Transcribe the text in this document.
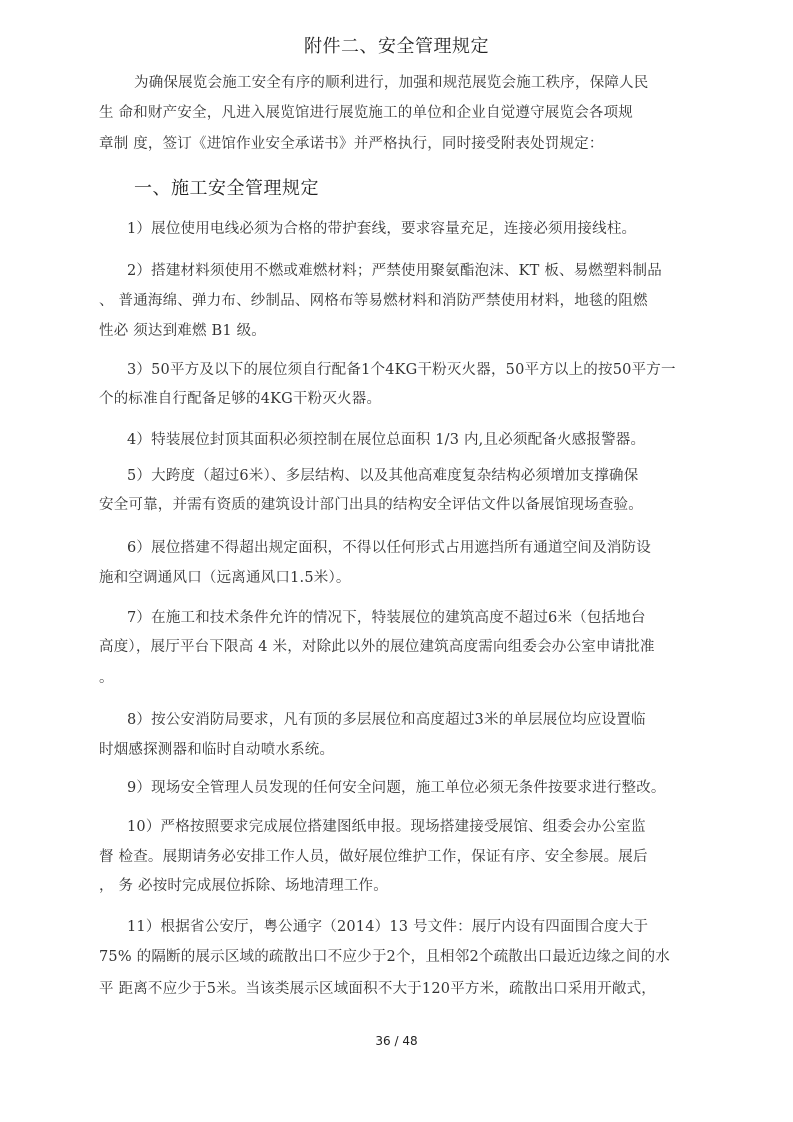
附件二、安全管理规定
为确保展览会施工安全有序的顺利进行，加强和规范展览会施工秩序，保障人民
生 命和财产安全，凡进入展览馆进行展览施工的单位和企业自觉遵守展览会各项规
章制 度，签订《进馆作业安全承诺书》并严格执行，同时接受附表处罚规定：
一、施工安全管理规定
1）展位使用电线必须为合格的带护套线，要求容量充足，连接必须用接线柱。
2）搭建材料须使用不燃或难燃材料；严禁使用聚氨酯泡沫、KT 板、易燃塑料制品
、 普通海绵、弹力布、纱制品、网格布等易燃材料和消防严禁使用材料，地毯的阻燃
性必 须达到难燃 B1 级。
3）50平方及以下的展位须自行配备1个4KG干粉灭火器，50平方以上的按50平方一
个的标准自行配备足够的4KG干粉灭火器。
4）特装展位封顶其面积必须控制在展位总面积 1/3 内,且必须配备火感报警器。
5）大跨度（超过6米）、多层结构、以及其他高难度复杂结构必须增加支撑确保
安全可靠，并需有资质的建筑设计部门出具的结构安全评估文件以备展馆现场查验。
6）展位搭建不得超出规定面积，不得以任何形式占用遮挡所有通道空间及消防设
施和空调通风口（远离通风口1.5米）。
7）在施工和技术条件允许的情况下，特装展位的建筑高度不超过6米（包括地台
高度），展厅平台下限高 4 米，对除此以外的展位建筑高度需向组委会办公室申请批准
。
8）按公安消防局要求，凡有顶的多层展位和高度超过3米的单层展位均应设置临
时烟感探测器和临时自动喷水系统。
9）现场安全管理人员发现的任何安全问题，施工单位必须无条件按要求进行整改。
10）严格按照要求完成展位搭建图纸申报。现场搭建接受展馆、组委会办公室监
督 检查。展期请务必安排工作人员，做好展位维护工作，保证有序、安全参展。展后
， 务 必按时完成展位拆除、场地清理工作。
11）根据省公安厅，粤公通字（2014）13 号文件：展厅内设有四面围合度大于
75% 的隔断的展示区域的疏散出口不应少于2个，且相邻2个疏散出口最近边缘之间的水
平 距离不应少于5米。当该类展示区域面积不大于120平方米，疏散出口采用开敞式，
36 / 48
